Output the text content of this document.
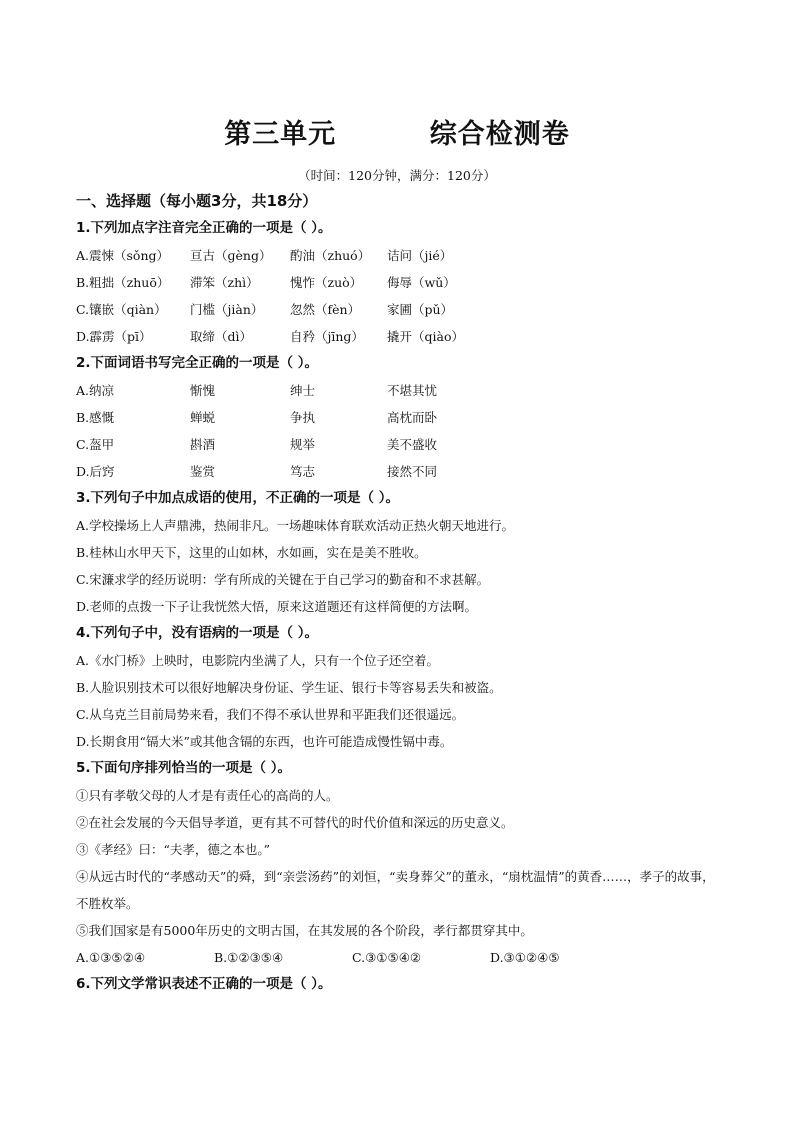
第三单元         综合检测卷
（时间：120分钟，满分：120分）
一、选择题（每小题3分，共18分）
1.下列加点字注音完全正确的一项是（ ）。
A.震悚（sǒng）	亘古（ɡèng）	酌油（zhuó）	诘问（jié）
B.粗拙（zhuō）	滞笨（zhì）	愧怍（zuò）	侮辱（wǔ）
C.镶嵌（qiàn）	门槛（jiàn）	忽然（fèn）	家圃（pǔ）
D.霹雳（pī）	取缔（dì）	自矜（jīnɡ）	撬开（qiào）
2.下面词语书写完全正确的一项是（ ）。
A.纳凉	惭愧	绅士	不堪其忧
B.感慨	蝉蜕	争执	高枕而卧
C.盔甲	斟酒	规举	美不盛收
D.后窍	鉴赏	笃志	接然不同
3.下列句子中加点成语的使用，不正确的一项是（ ）。
A.学校操场上人声鼎沸，热闹非凡。一场趣味体育联欢活动正热火朝天地进行。
B.桂林山水甲天下，这里的山如林，水如画，实在是美不胜收。
C.宋濂求学的经历说明：学有所成的关键在于自己学习的勤奋和不求甚解。
D.老师的点拨一下子让我恍然大悟，原来这道题还有这样简便的方法啊。
4.下列句子中，没有语病的一项是（ ）。
A.《水门桥》上映时，电影院内坐满了人，只有一个位子还空着。
B.人脸识别技术可以很好地解决身份证、学生证、银行卡等容易丢失和被盗。
C.从乌克兰目前局势来看，我们不得不承认世界和平距我们还很遥远。
D.长期食用“镉大米”或其他含镉的东西，也许可能造成慢性镉中毒。
5.下面句序排列恰当的一项是（ ）。
①只有孝敬父母的人才是有责任心的高尚的人。
②在社会发展的今天倡导孝道，更有其不可替代的时代价值和深远的历史意义。
③《孝经》曰：“夫孝，德之本也。”
④从远古时代的“孝感动天”的舜，到“亲尝汤药”的刘恒，“卖身葬父”的董永，“扇枕温情”的黄香……，孝子的故事，不胜枚举。
⑤我们国家是有5000年历史的文明古国，在其发展的各个阶段，孝行都贯穿其中。
A.①③⑤②④	B.①②③⑤④	C.③①⑤④②	D.③①②④⑤
6.下列文学常识表述不正确的一项是（ ）。
